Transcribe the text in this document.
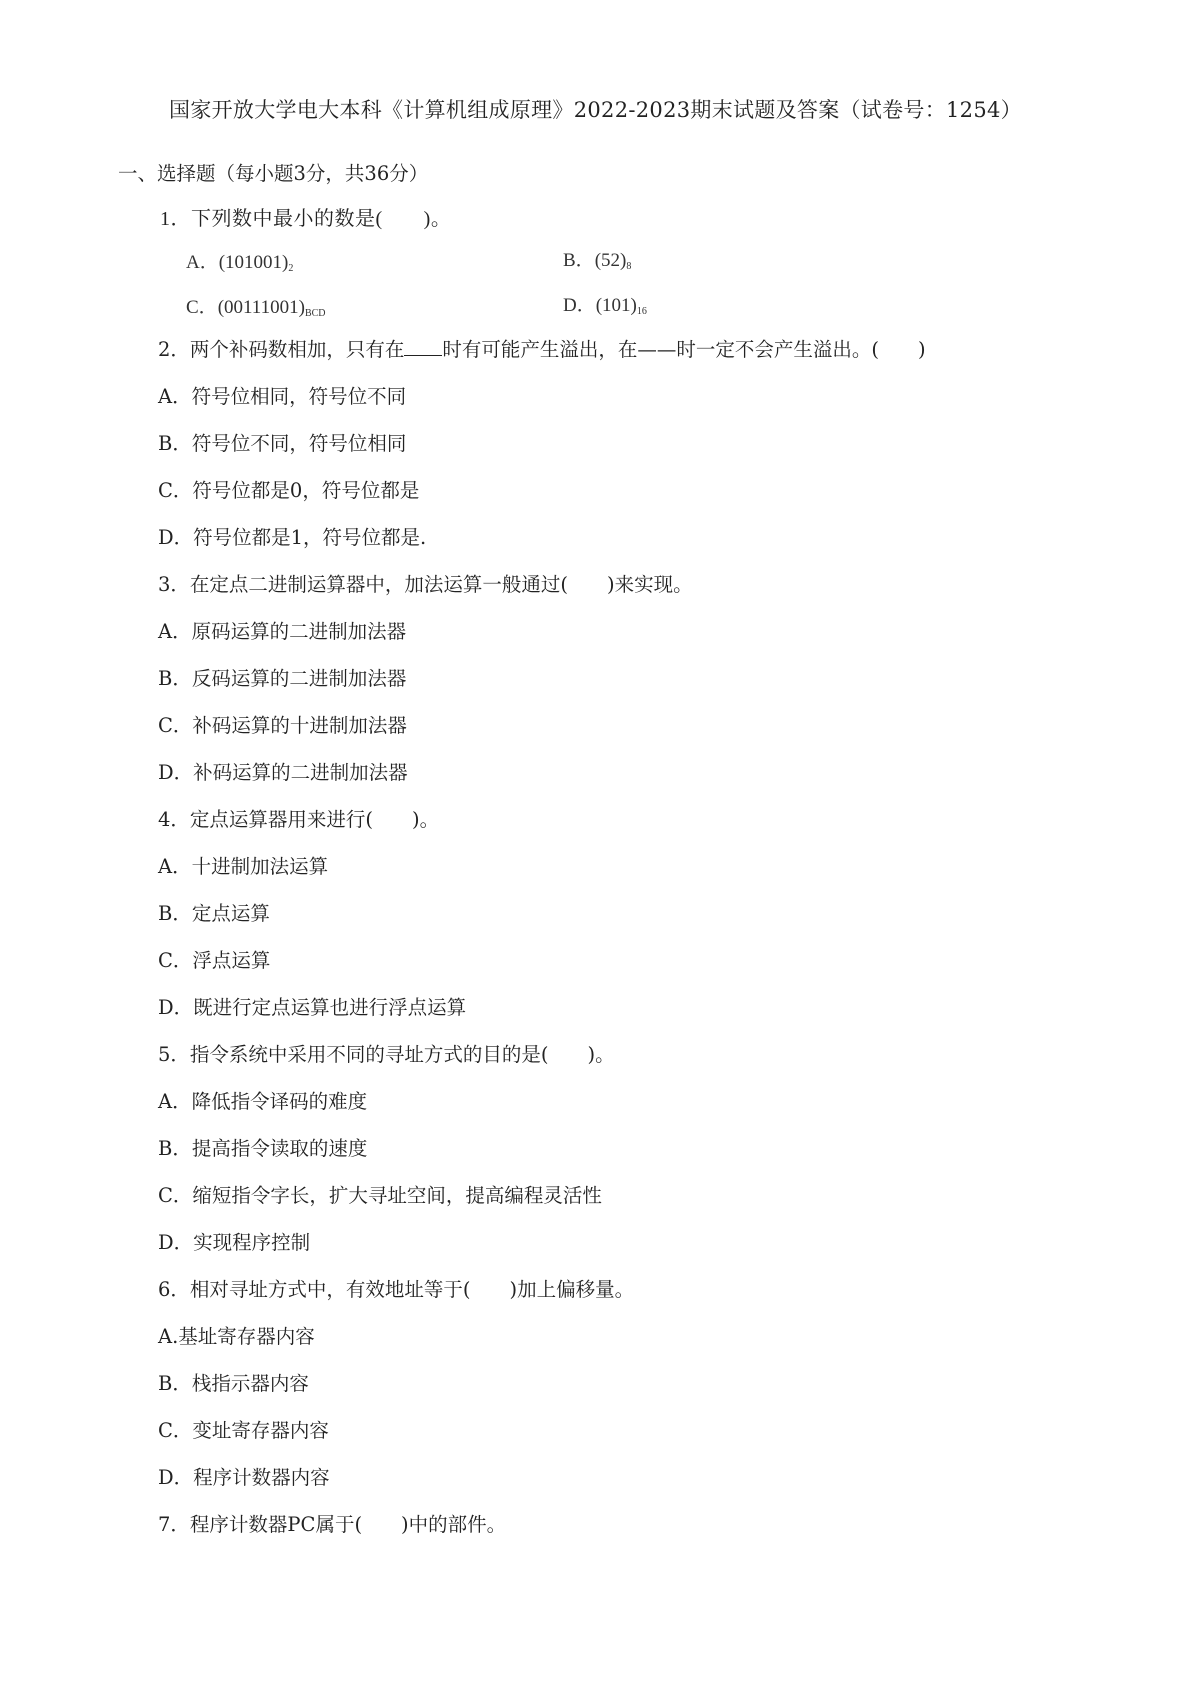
国家开放大学电大本科《计算机组成原理》2022-2023期末试题及答案（试卷号：1254）
一、选择题（每小题3分，共36分）
1．下列数中最小的数是(　　)。
A．$(101001)_2$	B．$(52)_8$
C．$(00111001)_{BCD}$	D．$(101)_{16}$
2．两个补码数相加，只有在 时有可能产生溢出，在——时一定不会产生溢出。(　　)
A．符号位相同，符号位不同
B．符号位不同，符号位相同
C．符号位都是0，符号位都是
D．符号位都是1，符号位都是.
3．在定点二进制运算器中，加法运算一般通过(　　)来实现。
A．原码运算的二进制加法器
B．反码运算的二进制加法器
C．补码运算的十进制加法器
D．补码运算的二进制加法器
4．定点运算器用来进行(　　)。
A．十进制加法运算
B．定点运算
C．浮点运算
D．既进行定点运算也进行浮点运算
5．指令系统中采用不同的寻址方式的目的是(　　)。
A．降低指令译码的难度
B．提高指令读取的速度
C．缩短指令字长，扩大寻址空间，提高编程灵活性
D．实现程序控制
6．相对寻址方式中，有效地址等于(　　)加上偏移量。
A.基址寄存器内容
B．栈指示器内容
C．变址寄存器内容
D．程序计数器内容
7．程序计数器PC属于(　　)中的部件。
